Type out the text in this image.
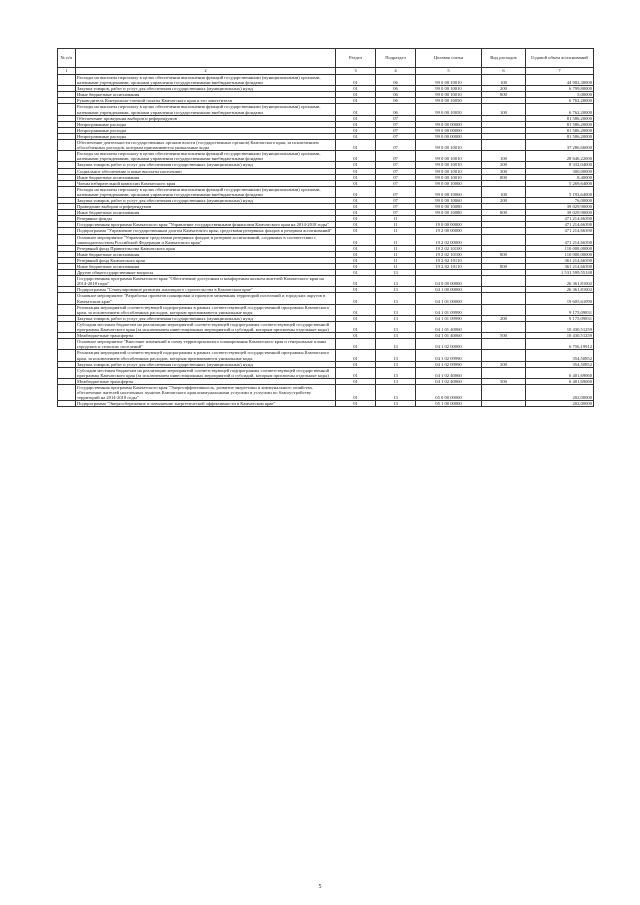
№ п/п		Раздел	Подраздел	Целевая статья	Вид расходов	Годовой объем ассигнований
1	2	3	4	5	6	7
	Расходы на выплаты персоналу в целях обеспечения выполнения функций государственными (муниципальными) органами, казенными учреждениями, органами управления государственными внебюджетными фондами	01	06	99 0 00 10010	100	44 902,30000
	Закупка товаров, работ и услуг для обеспечения государственных (муниципальных) нужд	01	06	99 0 00 10010	200	6 799,80000
	Иные бюджетные ассигнования	01	06	99 0 00 10010	800	5,00000
	Руководитель Контрольно-счетной палаты Камчатского края и его заместители	01	06	99 0 00 10050		6 762,20000
	Расходы на выплаты персоналу в целях обеспечения выполнения функций государственными (муниципальными) органами, казенными учреждениями, органами управления государственными внебюджетными фондами	01	06	99 0 00 10050	100	6 762,20000
	Обеспечение проведения выборов и референдумов	01	07			81 586,20000
	Непрограммные расходы	01	07	99 0 00 00000		81 586,20000
	Непрограммные расходы	01	07	99 0 00 00000		81 586,20000
	Непрограммные расходы	01	07	99 0 00 00000		81 586,20000
	Обеспечение деятельности государственных органов власти (государственных органов) Камчатского края, за исключением обособленных расходов, которым присваиваются уникальные коды	01	07	99 0 00 10010		37 286,66000
	Расходы на выплаты персоналу в целях обеспечения выполнения функций государственными (муниципальными) органами, казенными учреждениями, органами управления государственными внебюджетными фондами	01	07	99 0 00 10010	100	28 646,22000
	Закупка товаров, работ и услуг для обеспечения государственных (муниципальных) нужд	01	07	99 0 00 10010	200	8 332,04000
	Социальное обеспечение и иные выплаты населению	01	07	99 0 00 10010	300	300,00000
	Иные бюджетные ассигнования	01	07	99 0 00 10010	800	8,40000
	Члены избирательной комиссии Камчатского края	01	07	99 0 00 10060		5 269,64000
	Расходы на выплаты персоналу в целях обеспечения выполнения функций государственными (муниципальными) органами, казенными учреждениями, органами управления государственными внебюджетными фондами	01	07	99 0 00 10060	100	5 193,64000
	Закупка товаров, работ и услуг для обеспечения государственных (муниципальных) нужд	01	07	99 0 00 10060	200	76,00000
	Проведение выборов и референдумов	01	07	99 0 00 10080		39 029,90000
	Иные бюджетные ассигнования	01	07	99 0 00 10080	800	39 029,90000
	Резервные фонды	01	11			471 214,66390
	Государственная программа Камчатского края "Управление государственными финансами Камчатского края на 2014-2018 годы"	01	11	19 0 00 00000		471 214,66390
	Подпрограмма "Управление государственным долгом Камчатского края, средствами резервных фондов и резервом ассигнований"	01	11	19 2 00 00000		471 214,66390
	Основное мероприятие "Управление средствами резервных фондов и резервов ассигнований, созданных в соответствии с законодательством Российской Федерации и Камчатского края"	01	11	19 2 02 00000		471 214,66390
	Резервный фонд Правительства Камчатского края	01	11	19 2 02 10100		110 000,00000
	Иные бюджетные ассигнования	01	11	19 2 02 10100	800	110 000,00000
	Резервный фонд Камчатского края	01	11	19 2 02 10110		361 214,66390
	Иные бюджетные ассигнования	01	11	19 2 02 10110	800	361 214,66390
	Другие общегосударственные вопросы	01	13			1 531 599,55148
	Государственная программа Камчатского края "Обеспечение доступным и комфортным жильем жителей Камчатского края на 2014-2018 годы"	01	13	04 0 00 00000		26 361,81002
	Подпрограмма "Стимулирование развития жилищного строительства в Камчатском крае"	01	13	04 1 00 00000		26 361,81002
	Основное мероприятие "Разработка проектов планировки и проектов межевания территорий поселений и городских округов в Камчатском крае"	01	13	04 1 01 00000		19 605,61090
	Реализация мероприятий соответствующей подпрограммы в рамках соответствующей государственной программы Камчатского края, за исключением обособленных расходов, которым присваиваются уникальные коды	01	13	04 1 01 09990		9 175,09831
	Закупка товаров, работ и услуг для обеспечения государственных (муниципальных) нужд	01	13	04 1 01 09990	200	9 175,09831
	Субсидии местным бюджетам на реализацию мероприятий соответствующей подпрограммы соответствующей государственной программы Камчатского края (за исключением инвестиционных мероприятий и субсидий, которым присвоены отдельные коды)	01	13	04 1 01 40060		10 430,51259
	Межбюджетные трансферты	01	13	04 1 01 40060	500	10 430,51259
	Основное мероприятие "Внесение изменений в схему территориального планирования Камчатского края и генеральные планы городских и сельских поселений"	01	13	04 1 02 00000		6 756,19912
	Реализация мероприятий соответствующей подпрограммы в рамках соответствующей государственной программы Камчатского края, за исключением обособленных расходов, которым присваиваются уникальные коды	01	13	04 1 02 09990		354,50852
	Закупка товаров, работ и услуг для обеспечения государственных (муниципальных) нужд	01	13	04 1 02 09990	200	354,50852
	Субсидии местным бюджетам на реализацию мероприятий соответствующей подпрограммы соответствующей государственной программы Камчатского края (за исключением инвестиционных мероприятий и субсидий, которым присвоены отдельные коды)	01	13	04 1 02 40060		6 401,69060
	Межбюджетные трансферты	01	13	04 1 02 40060	500	6 401,69060
	Государственная программа Камчатского края "Энергоэффективность, развитие энергетики и коммунального хозяйства, обеспечение жителей населенных пунктов Камчатского края коммунальными услугами и услугами по благоустройству территорий на 2014-2018 годы"	01	13	05 0 00 00000		202,00000
	Подпрограмма "Энергосбережение и повышение энергетической эффективности в Камчатском крае"	01	13	05 1 00 00000		202,00000
5
